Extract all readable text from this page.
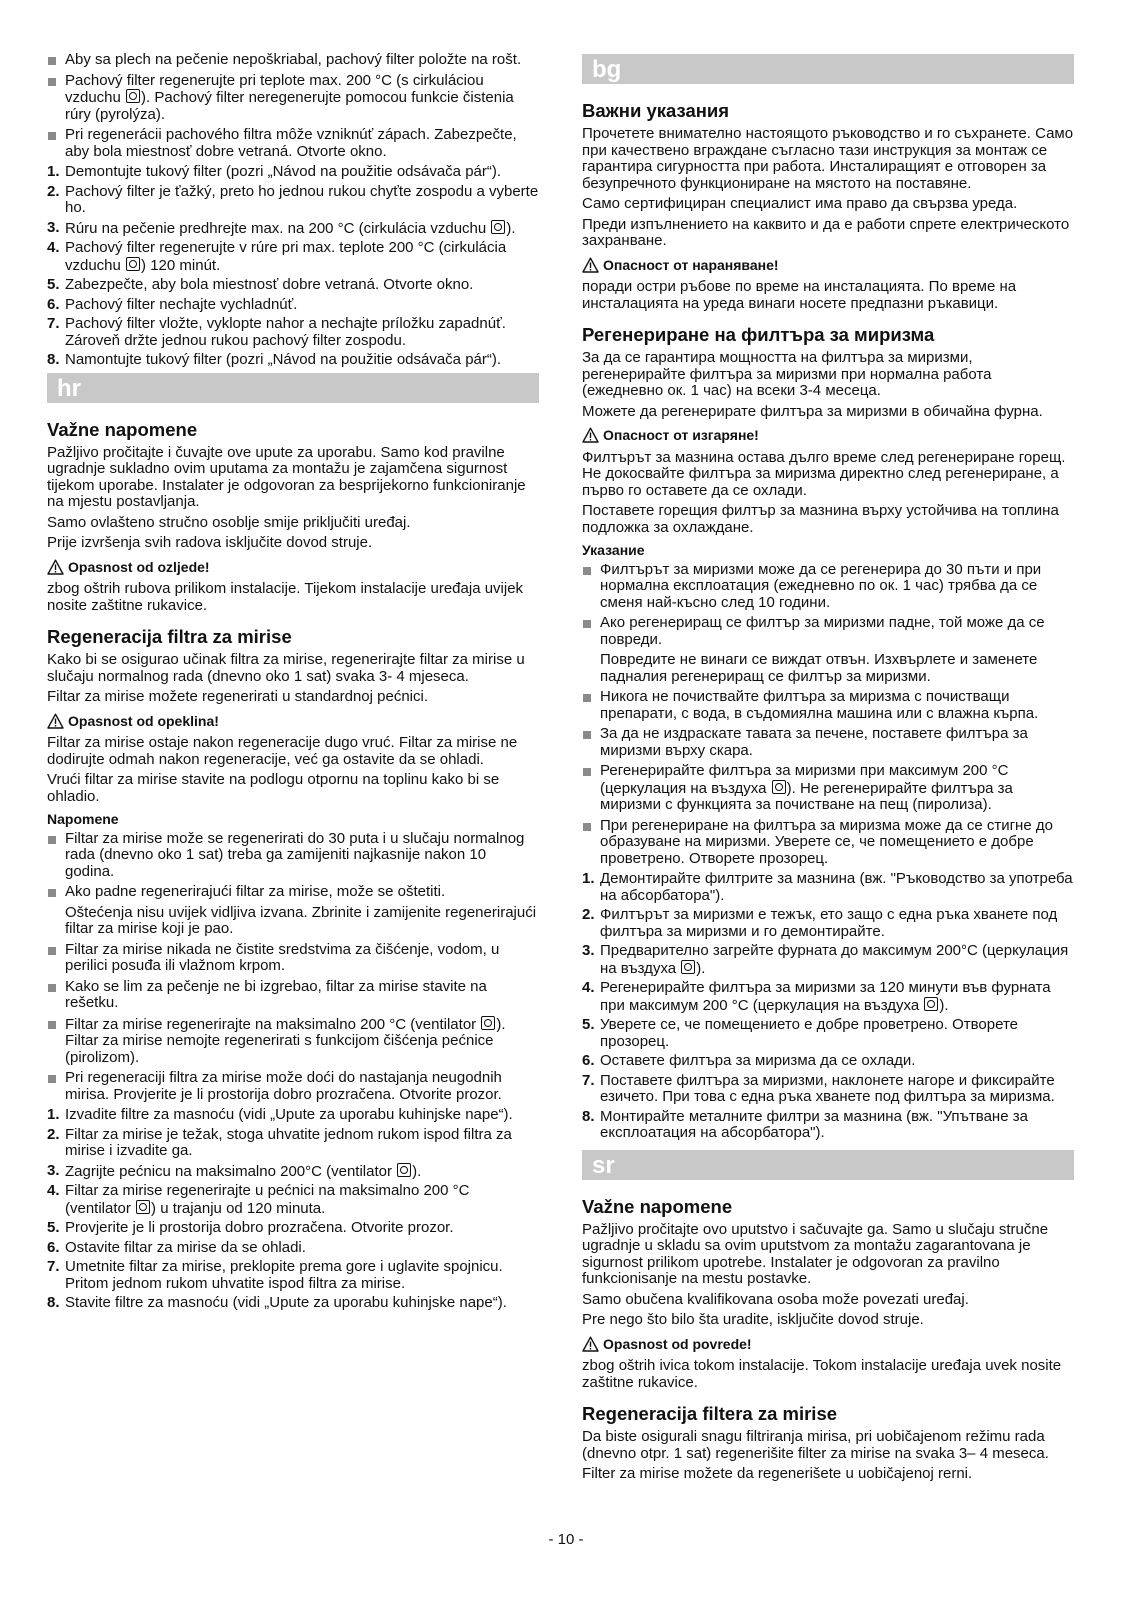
Aby sa plech na pečenie nepoškriabal, pachový filter položte na rošt.
Pachový filter regenerujte pri teplote max. 200 °C (s cirkuláciou vzduchu ). Pachový filter neregenerujte pomocou funkcie čistenia rúry (pyrolýza).
Pri regenerácii pachového filtra môže vzniknúť zápach. Zabezpečte, aby bola miestnosť dobre vetraná. Otvorte okno.
1. Demontujte tukový filter (pozri „Návod na použitie odsávača pár“).
2. Pachový filter je ťažký, preto ho jednou rukou chyťte zospodu a vyberte ho.
3. Rúru na pečenie predhrejte max. na 200 °C (cirkulácia vzduchu ).
4. Pachový filter regenerujte v rúre pri max. teplote 200 °C (cirkulácia vzduchu ) 120 minút.
5. Zabezpečte, aby bola miestnosť dobre vetraná. Otvorte okno.
6. Pachový filter nechajte vychladnúť.
7. Pachový filter vložte, vyklopte nahor a nechajte príložku zapadnúť. Zároveň držte jednou rukou pachový filter zospodu.
8. Namontujte tukový filter (pozri „Návod na použitie odsávača pár“).
hr
Važne napomene

Pažljivo pročitajte i čuvajte ove upute za uporabu. Samo kod pravilne ugradnje sukladno ovim uputama za montažu je zajamčena sigurnost tijekom uporabe. Instalater je odgovoran za besprijekorno funkcioniranje na mjestu postavljanja.

Samo ovlašteno stručno osoblje smije priključiti uređaj.

Prije izvršenja svih radova isključite dovod struje.

Opasnost od ozljede!

zbog oštrih rubova prilikom instalacije. Tijekom instalacije uređaja uvijek nosite zaštitne rukavice.

Regeneracija filtra za mirise

Kako bi se osigurao učinak filtra za mirise, regenerirajte filtar za mirise u slučaju normalnog rada (dnevno oko 1 sat) svaka 3- 4 mjeseca.

Filtar za mirise možete regenerirati u standardnoj pećnici.

Opasnost od opeklina!

Filtar za mirise ostaje nakon regeneracije dugo vruć. Filtar za mirise ne dodirujte odmah nakon regeneracije, već ga ostavite da se ohladi.

Vrući filtar za mirise stavite na podlogu otpornu na toplinu kako bi se ohladio.

Napomene
Filtar za mirise može se regenerirati do 30 puta i u slučaju normalnog rada (dnevno oko 1 sat) treba ga zamijeniti najkasnije nakon 10 godina.
Ako padne regenerirajući filtar za mirise, može se oštetiti.
Oštećenja nisu uvijek vidljiva izvana. Zbrinite i zamijenite regenerirajući filtar za mirise koji je pao.
Filtar za mirise nikada ne čistite sredstvima za čišćenje, vodom, u perilici posuđa ili vlažnom krpom.
Kako se lim za pečenje ne bi izgrebao, filtar za mirise stavite na rešetku.
Filtar za mirise regenerirajte na maksimalno 200 °C (ventilator ). Filtar za mirise nemojte regenerirati s funkcijom čišćenja pećnice (pirolizom).
Pri regeneraciji filtra za mirise može doći do nastajanja neugodnih mirisa. Provjerite je li prostorija dobro prozračena. Otvorite prozor.
1. Izvadite filtre za masnoću (vidi „Upute za uporabu kuhinjske nape“).
2. Filtar za mirise je težak, stoga uhvatite jednom rukom ispod filtra za mirise i izvadite ga.
3. Zagrijte pećnicu na maksimalno 200°C (ventilator ).
4. Filtar za mirise regenerirajte u pećnici na maksimalno 200 °C (ventilator ) u trajanju od 120 minuta.
5. Provjerite je li prostorija dobro prozračena. Otvorite prozor.
6. Ostavite filtar za mirise da se ohladi.
7. Umetnite filtar za mirise, preklopite prema gore i uglavite spojnicu. Pritom jednom rukom uhvatite ispod filtra za mirise.
8. Stavite filtre za masnoću (vidi „Upute za uporabu kuhinjske nape“).
bg
Важни указания

Прочетете внимателно настоящото ръководство и го съхранете. Само при качествено вграждане съгласно тази инструкция за монтаж се гарантира сигурността при работа. Инсталиращият е отговорен за безупречното функциониране на мястото на поставяне.

Само сертифициран специалист има право да свързва уреда.

Преди изпълнението на каквито и да е работи спрете електрическото захранване.

Опасност от нараняване!

поради остри ръбове по време на инсталацията. По време на инсталацията на уреда винаги носете предпазни ръкавици.

Регенериране на филтъра за миризма

За да се гарантира мощността на филтъра за миризми, регенерирайте филтъра за миризми при нормална работа (ежедневно ок. 1 час) на всеки 3-4 месеца.

Можете да регенерирате филтъра за миризми в обичайна фурна.

Опасност от изгаряне!

Филтърът за мазнина остава дълго време след регенериране горещ. Не докосвайте филтъра за миризма директно след регенериране, а първо го оставете да се охлади.

Поставете горещия филтър за мазнина върху устойчива на топлина подложка за охлаждане.

Указание
Филтърът за миризми може да се регенерира до 30 пъти и при нормална експлоатация (ежедневно по ок. 1 час) трябва да се сменя най-късно след 10 години.
Ако регенериращ се филтър за миризми падне, той може да се повреди.
Повредите не винаги се виждат отвън. Изхвърлете и заменете падналия регенериращ се филтър за миризми.
Никога не почиствайте филтъра за миризма с почистващи препарати, с вода, в съдомиялна машина или с влажна кърпа.
За да не издраскате тавата за печене, поставете филтъра за миризми върху скара.
Регенерирайте филтъра за миризми при максимум 200 °C (церкулация на въздуха ). Не регенерирайте филтъра за миризми с функцията за почистване на пещ (пиролиза).
При регенериране на филтъра за миризма може да се стигне до образуване на миризми. Уверете се, че помещението е добре проветрено. Отворете прозорец.
1. Демонтирайте филтрите за мазнина (вж. "Ръководство за употреба на абсорбатора").
2. Филтърът за миризми е тежък, ето защо с една ръка хванете под филтъра за миризми и го демонтирайте.
3. Предварително загрейте фурната до максимум 200°C (церкулация на въздуха ).
4. Регенерирайте филтъра за миризми за 120 минути във фурната при максимум 200 °C (церкулация на въздуха ).
5. Уверете се, че помещението е добре проветрено. Отворете прозорец.
6. Оставете филтъра за миризма да се охлади.
7. Поставете филтъра за миризми, наклонете нагоре и фиксирайте езичето. При това с една ръка хванете под филтъра за миризма.
8. Монтирайте металните филтри за мазнина (вж. "Упътване за експлоатация на абсорбатора").
sr
Važne napomene

Pažljivo pročitajte ovo uputstvo i sačuvajte ga. Samo u slučaju stručne ugradnje u skladu sa ovim uputstvom za montažu zagarantovana je sigurnost prilikom upotrebe. Instalater je odgovoran za pravilno funkcionisanje na mestu postavke.

Samo obučena kvalifikovana osoba može povezati uređaj.

Pre nego što bilo šta uradite, isključite dovod struje.

Opasnost od povrede!

zbog oštrih ivica tokom instalacije. Tokom instalacije uređaja uvek nosite zaštitne rukavice.

Regeneracija filtera za mirise

Da biste osigurali snagu filtriranja mirisa, pri uobičajenom režimu rada (dnevno otpr. 1 sat) regenerišite filter za mirise na svaka 3– 4 meseca.

Filter za mirise možete da regenerišete u uobičajenoj rerni.

- 10 -
